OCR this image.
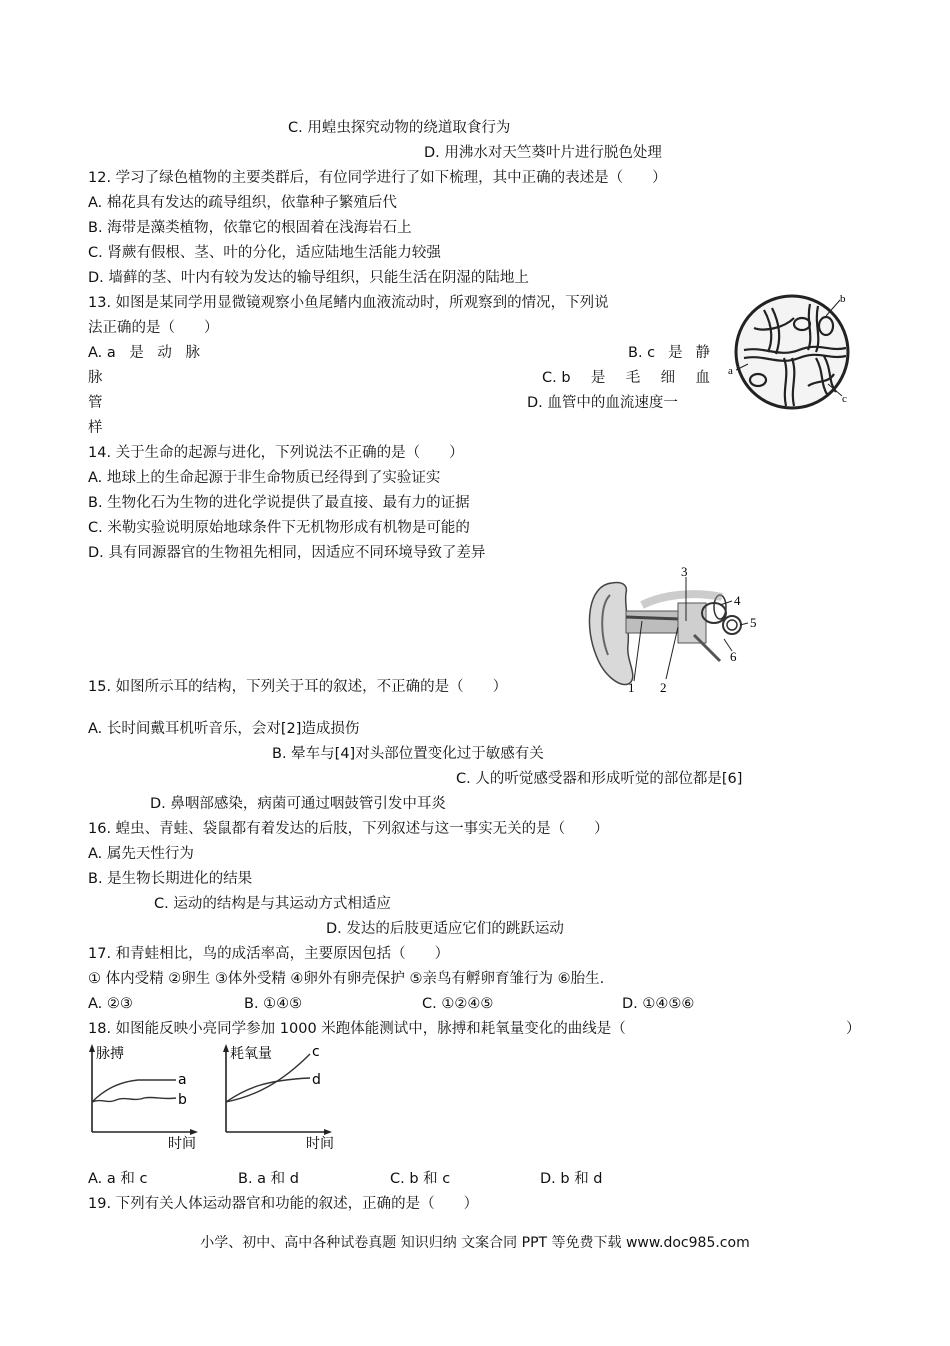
C. 用蝗虫探究动物的绕道取食行为
D. 用沸水对天竺葵叶片进行脱色处理
12. 学习了绿色植物的主要类群后，有位同学进行了如下梳理，其中正确的表述是（　　）
A. 棉花具有发达的疏导组织，依靠种子繁殖后代
B. 海带是藻类植物，依靠它的根固着在浅海岩石上
C. 肾蕨有假根、茎、叶的分化，适应陆地生活能力较强
D. 墙藓的茎、叶内有较为发达的输导组织，只能生活在阴湿的陆地上
13. 如图是某同学用显微镜观察小鱼尾鳍内血液流动时，所观察到的情况，下列说
法正确的是（　　）
A. a 是 动 脉	B. c 是 静
脉	C. b 是 毛 细 血
管	D. 血管中的血流速度一
样
b
c
a
14. 关于生命的起源与进化，下列说法不正确的是（　　）
A. 地球上的生命起源于非生命物质已经得到了实验证实
B. 生物化石为生物的进化学说提供了最直接、最有力的证据
C. 米勒实验说明原始地球条件下无机物形成有机物是可能的
D. 具有同源器官的生物祖先相同，因适应不同环境导致了差异
1 2
3
4
5
6
15. 如图所示耳的结构，下列关于耳的叙述，不正确的是（　　）
A. 长时间戴耳机听音乐，会对[2]造成损伤
B. 晕车与[4]对头部位置变化过于敏感有关
C. 人的听觉感受器和形成听觉的部位都是[6]
D. 鼻咽部感染，病菌可通过咽鼓管引发中耳炎
16. 蝗虫、青蛙、袋鼠都有着发达的后肢，下列叙述与这一事实无关的是（　　）
A. 属先天性行为
B. 是生物长期进化的结果
C. 运动的结构是与其运动方式相适应
D. 发达的后肢更适应它们的跳跃运动
17. 和青蛙相比，鸟的成活率高，主要原因包括（　　）
① 体内受精 ②卵生 ③体外受精 ④卵外有卵壳保护 ⑤亲鸟有孵卵育雏行为 ⑥胎生.
A. ②③	B. ①④⑤	C. ①②④⑤	D. ①④⑤⑥
18. 如图能反映小亮同学参加 1000 米跑体能测试中，脉搏和耗氧量变化的曲线是（	）
脉搏
时间
a
b
耗氧量
时间
c
d
A. a 和 c	B. a 和 d	C. b 和 c	D. b 和 d
19. 下列有关人体运动器官和功能的叙述，正确的是（　　）
小学、初中、高中各种试卷真题 知识归纳 文案合同 PPT 等免费下载 www.doc985.com
